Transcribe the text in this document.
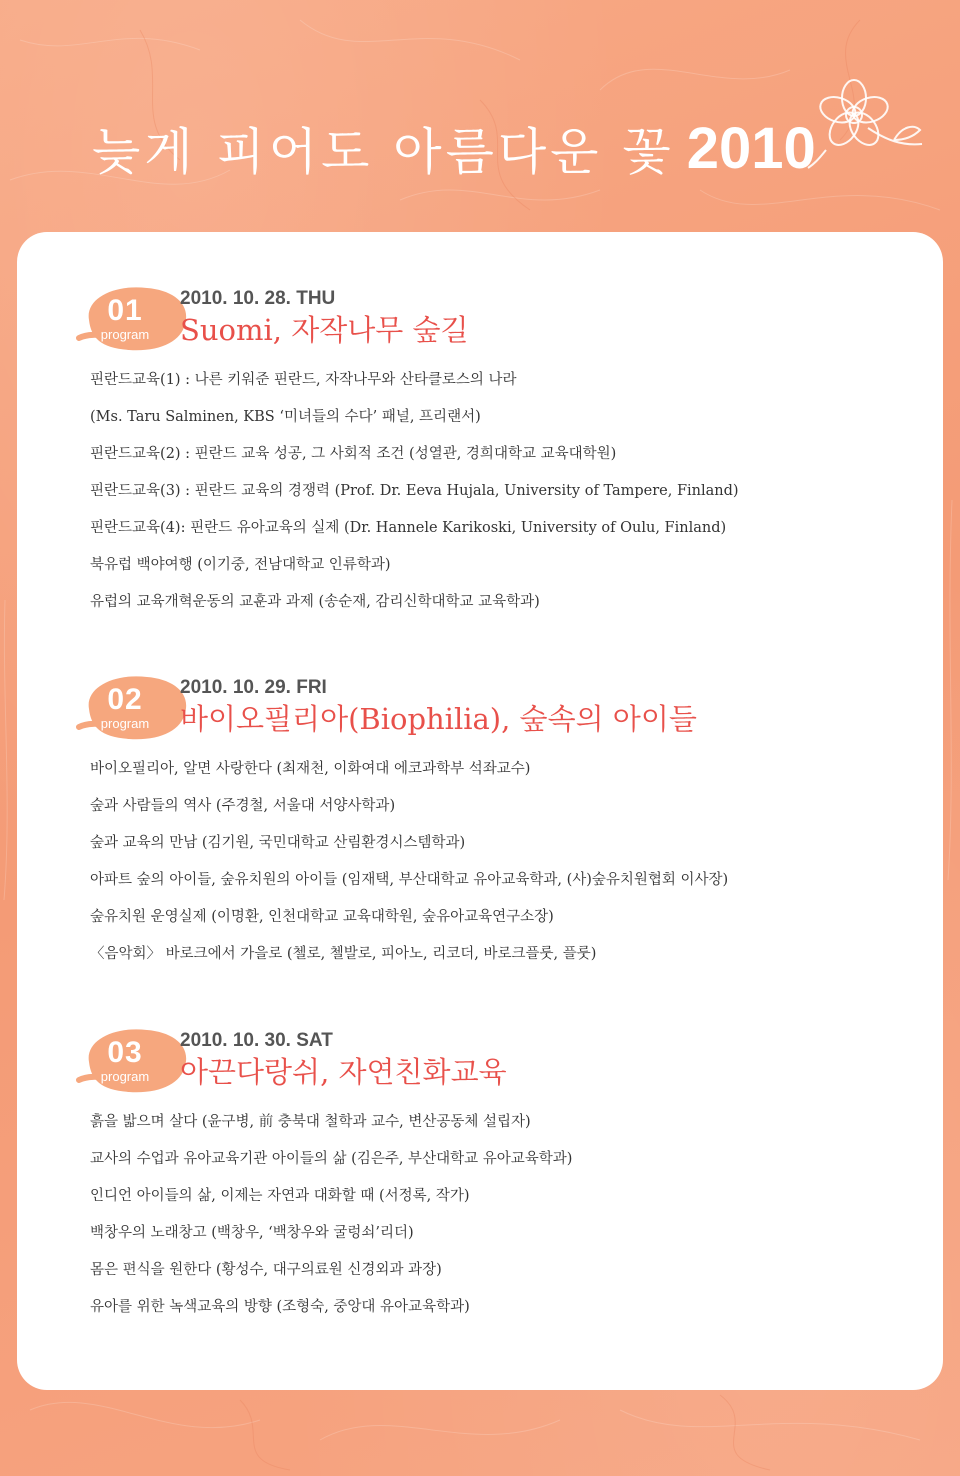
늦게 피어도 아름다운 꽃 2010
01
program
2010. 10. 28. THU
Suomi, 자작나무 숲길
핀란드교육(1) : 나른 키워준 핀란드, 자작나무와 산타클로스의 나라
(Ms. Taru Salminen, KBS ‘미녀들의 수다’ 패널, 프리랜서)
핀란드교육(2) : 핀란드 교육 성공, 그 사회적 조건 (성열관, 경희대학교 교육대학원)
핀란드교육(3) : 핀란드 교육의 경쟁력 (Prof. Dr. Eeva Hujala, University of Tampere, Finland)
핀란드교육(4): 핀란드 유아교육의 실제 (Dr. Hannele Karikoski, University of Oulu, Finland)
북유럽 백야여행 (이기중, 전남대학교 인류학과)
유럽의 교육개혁운동의 교훈과 과제 (송순재, 감리신학대학교 교육학과)
02
program
2010. 10. 29. FRI
바이오필리아(Biophilia), 숲속의 아이들
바이오필리아, 알면 사랑한다 (최재천, 이화여대 에코과학부 석좌교수)
숲과 사람들의 역사 (주경철, 서울대 서양사학과)
숲과 교육의 만남 (김기원, 국민대학교 산림환경시스템학과)
아파트 숲의 아이들, 숲유치원의 아이들 (임재택, 부산대학교 유아교육학과, (사)숲유치원협회 이사장)
숲유치원 운영실제 (이명환, 인천대학교 교육대학원, 숲유아교육연구소장)
〈음악회〉 바로크에서 가을로 (첼로, 첼발로, 피아노, 리코더, 바로크플룻, 플룻)
03
program
2010. 10. 30. SAT
아끈다랑쉬, 자연친화교육
흙을 밟으며 살다 (윤구병, 前 충북대 철학과 교수, 변산공동체 설립자)
교사의 수업과 유아교육기관 아이들의 삶 (김은주, 부산대학교 유아교육학과)
인디언 아이들의 삶, 이제는 자연과 대화할 때 (서정록, 작가)
백창우의 노래창고 (백창우, ‘백창우와 굴렁쇠’리더)
몸은 편식을 원한다 (황성수, 대구의료원 신경외과 과장)
유아를 위한 녹색교육의 방향 (조형숙, 중앙대 유아교육학과)
